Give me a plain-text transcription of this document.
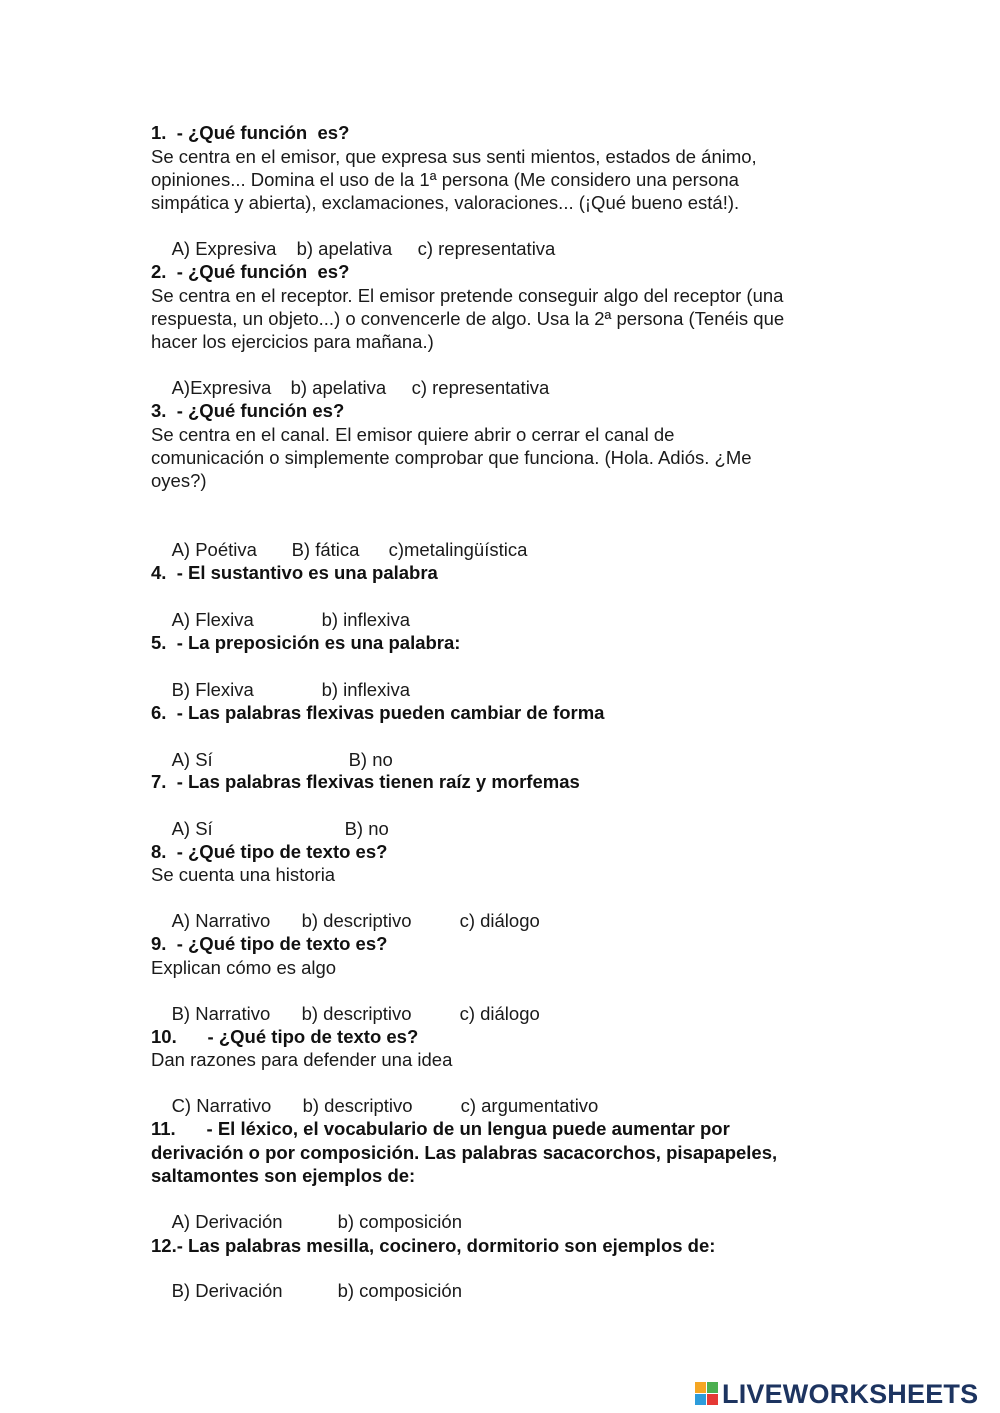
1.  - ¿Qué función  es?

Se centra en el emisor, que expresa sus senti mientos, estados de ánimo,

opiniones... Domina el uso de la 1ª persona (Me considero una persona

simpática y abierta), exclamaciones, valoraciones... (¡Qué bueno está!).

A) Expresiva b) apelativa c) representativa

2.  - ¿Qué función  es?

Se centra en el receptor. El emisor pretende conseguir algo del receptor (una

respuesta, un objeto...) o convencerle de algo. Usa la 2ª persona (Tenéis que

hacer los ejercicios para mañana.)

A)Expresiva b) apelativa c) representativa

3.  - ¿Qué función es?

Se centra en el canal. El emisor quiere abrir o cerrar el canal de

comunicación o simplemente comprobar que funciona. (Hola. Adiós. ¿Me

oyes?)

A) Poétiva B) fática c)metalingüística

4.  - El sustantivo es una palabra

A) Flexiva	b) inflexiva

5.  - La preposición es una palabra:

B) Flexiva	b) inflexiva

6.  - Las palabras flexivas pueden cambiar de forma

A) Sí	B) no

7.  - Las palabras flexivas tienen raíz y morfemas

A) Sí	B) no

8.  - ¿Qué tipo de texto es?

Se cuenta una historia

A) Narrativo b) descriptivo	c) diálogo

9.  - ¿Qué tipo de texto es?

Explican cómo es algo

B) Narrativo b) descriptivo	c) diálogo

10.      - ¿Qué tipo de texto es?

Dan razones para defender una idea

C) Narrativo b) descriptivo	c) argumentativo

11.      - El léxico, el vocabulario de un lengua puede aumentar por

derivación o por composición. Las palabras sacacorchos, pisapapeles,

saltamontes son ejemplos de:

A) Derivación	b) composición

12.- Las palabras mesilla, cocinero, dormitorio son ejemplos de:

B) Derivación	b) composición

LIVEWORKSHEETS
